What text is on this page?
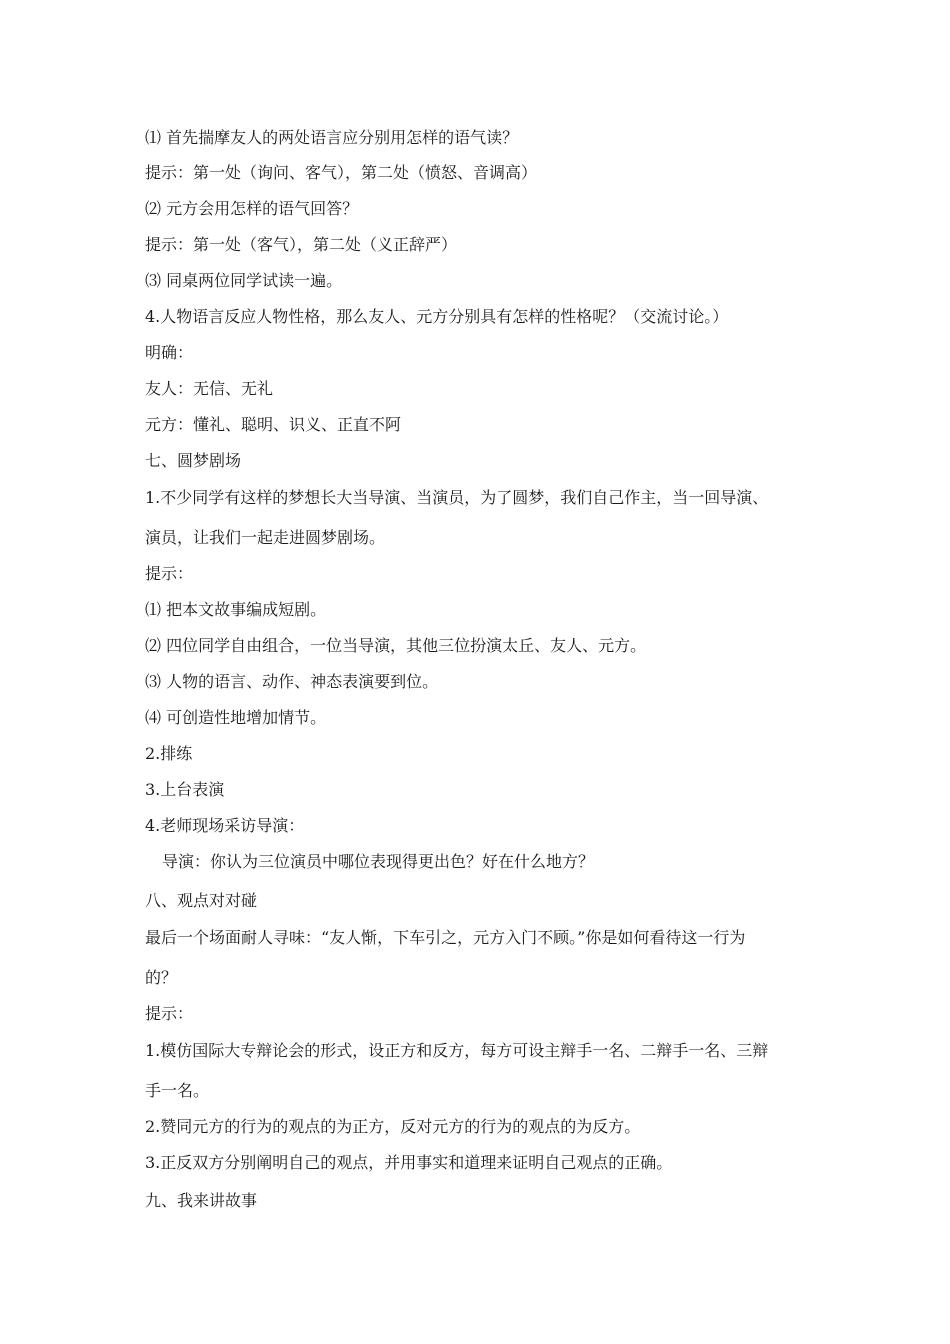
⑴ 首先揣摩友人的两处语言应分别用怎样的语气读？
提示：第一处（询问、客气），第二处（愤怒、音调高）
⑵ 元方会用怎样的语气回答？
提示：第一处（客气），第二处（义正辞严）
⑶ 同桌两位同学试读一遍。
4.人物语言反应人物性格，那么友人、元方分别具有怎样的性格呢？（交流讨论。）
明确：
友人：无信、无礼
元方：懂礼、聪明、识义、正直不阿
七、圆梦剧场
1.不少同学有这样的梦想长大当导演、当演员，为了圆梦，我们自己作主，当一回导演、
演员，让我们一起走进圆梦剧场。
提示：
⑴ 把本文故事编成短剧。
⑵ 四位同学自由组合，一位当导演，其他三位扮演太丘、友人、元方。
⑶ 人物的语言、动作、神态表演要到位。
⑷ 可创造性地增加情节。
2.排练
3.上台表演
4.老师现场采访导演：
导演：你认为三位演员中哪位表现得更出色？好在什么地方？
八、观点对对碰
最后一个场面耐人寻味：“友人惭，下车引之，元方入门不顾。”你是如何看待这一行为
的？
提示：
1.模仿国际大专辩论会的形式，设正方和反方，每方可设主辩手一名、二辩手一名、三辩
手一名。
2.赞同元方的行为的观点的为正方，反对元方的行为的观点的为反方。
3.正反双方分别阐明自己的观点，并用事实和道理来证明自己观点的正确。
九、我来讲故事
